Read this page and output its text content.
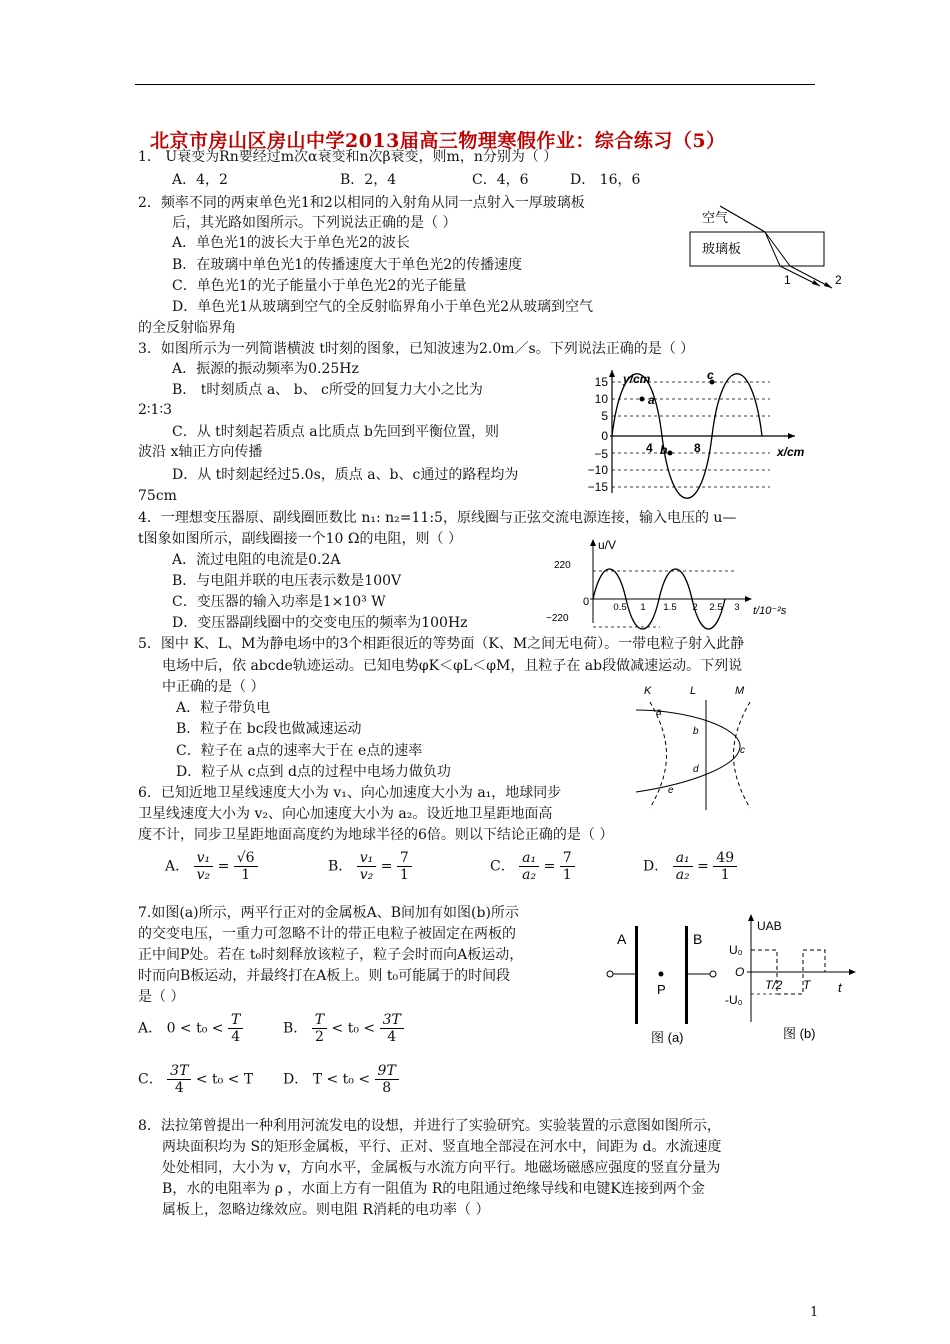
北京市房山区房山中学2013届高三物理寒假作业：综合练习（5）
1． U衰变为Rn要经过m次α衰变和n次β衰变，则m，n分别为（ ）
A．4，2	B．2，4	C．4，6	D． 16，6
2．频率不同的两束单色光1和2以相同的入射角从同一点射入一厚玻璃板
后，其光路如图所示。下列说法正确的是（ ）
A．单色光1的波长大于单色光2的波长
B．在玻璃中单色光1的传播速度大于单色光2的传播速度
C．单色光1的光子能量小于单色光2的光子能量
D．单色光1从玻璃到空气的全反射临界角小于单色光2从玻璃到空气
的全反射临界角
空气
玻璃板
1	2
3．如图所示为一列简谐横波 t时刻的图象，已知波速为2.0m／s。下列说法正确的是（ ）
A．振源的振动频率为0.25Hz
B． t时刻质点 a、 b、 c所受的回复力大小之比为
2∶1∶3
C．从 t时刻起若质点 a比质点 b先回到平衡位置，则
波沿 x轴正方向传播
D．从 t时刻起经过5.0s，质点 a、b、c通过的路程均为
75cm
15
10
5
0
−5
−10
−15
y/cm
x/cm
4	8
a
b
c
4．一理想变压器原、副线圈匝数比 n₁: n₂=11:5，原线圈与正弦交流电源连接，输入电压的 u—
t图象如图所示，副线圈接一个10 Ω的电阻，则（ ）
A．流过电阻的电流是0.2A
B．与电阻并联的电压表示数是100V
C．变压器的输入功率是1×10³ W
D．变压器副线圈中的交变电压的频率为100Hz
u/V
220
−220
0	0.5 1 1.5 2 2.5 3 t/10⁻²s
5．图中 K、L、M为静电场中的3个相距很近的等势面（K、M之间无电荷）。一带电粒子射入此静
电场中后，依 abcde轨迹运动。已知电势φK＜φL＜φM，且粒子在 ab段做减速运动。下列说
中正确的是（ ）
A．粒子带负电
B．粒子在 bc段也做减速运动
C．粒子在 a点的速率大于在 e点的速率
D．粒子从 c点到 d点的过程中电场力做负功
K	L	M
a
b
c
d
e
6．已知近地卫星线速度大小为 v₁、向心加速度大小为 a₁，地球同步
卫星线速度大小为 v₂、向心加速度大小为 a₂。设近地卫星距地面高
度不计，同步卫星距地面高度约为地球半径的6倍。则以下结论正确的是（ ）
A． $\frac{\text{v₁}}{\text{v₂}} = \frac{√6}{1}$	B． $\frac{\text{v₁}}{\text{v₂}} = \frac{7}{1}$	C． $\frac{\text{a₁}}{\text{a₂}} = \frac{7}{1}$	D． $\frac{\text{a₁}}{\text{a₂}} = \frac{49}{1}$
7.如图(a)所示，两平行正对的金属板A、B间加有如图(b)所示
的交变电压，一重力可忽略不计的带正电粒子被固定在两板的
正中间P处。若在 t₀时刻释放该粒子，粒子会时而向A板运动，
时而向B板运动，并最终打在A板上。则 t₀可能属于的时间段
是（ ）
A． $0 < t_0 < \frac{T}{4}$	B． $\frac{T}{2} < t_0 < \frac{3T}{4}$
C． $\frac{3T}{4} < t_0 < T$ D． $T < t_0 < \frac{9T}{8}$
A	B
P
图 (a)
UAB
U₀
O
-U₀
T/2 T t
图 (b)
8．法拉第曾提出一种利用河流发电的设想，并进行了实验研究。实验装置的示意图如图所示，
两块面积均为 S的矩形金属板，平行、正对、竖直地全部浸在河水中，间距为 d。水流速度
处处相同，大小为 v，方向水平，金属板与水流方向平行。地磁场磁感应强度的竖直分量为
B，水的电阻率为 ρ ，水面上方有一阻值为 R的电阻通过绝缘导线和电键K连接到两个金
属板上，忽略边缘效应。则电阻 R消耗的电功率（ ）
1
